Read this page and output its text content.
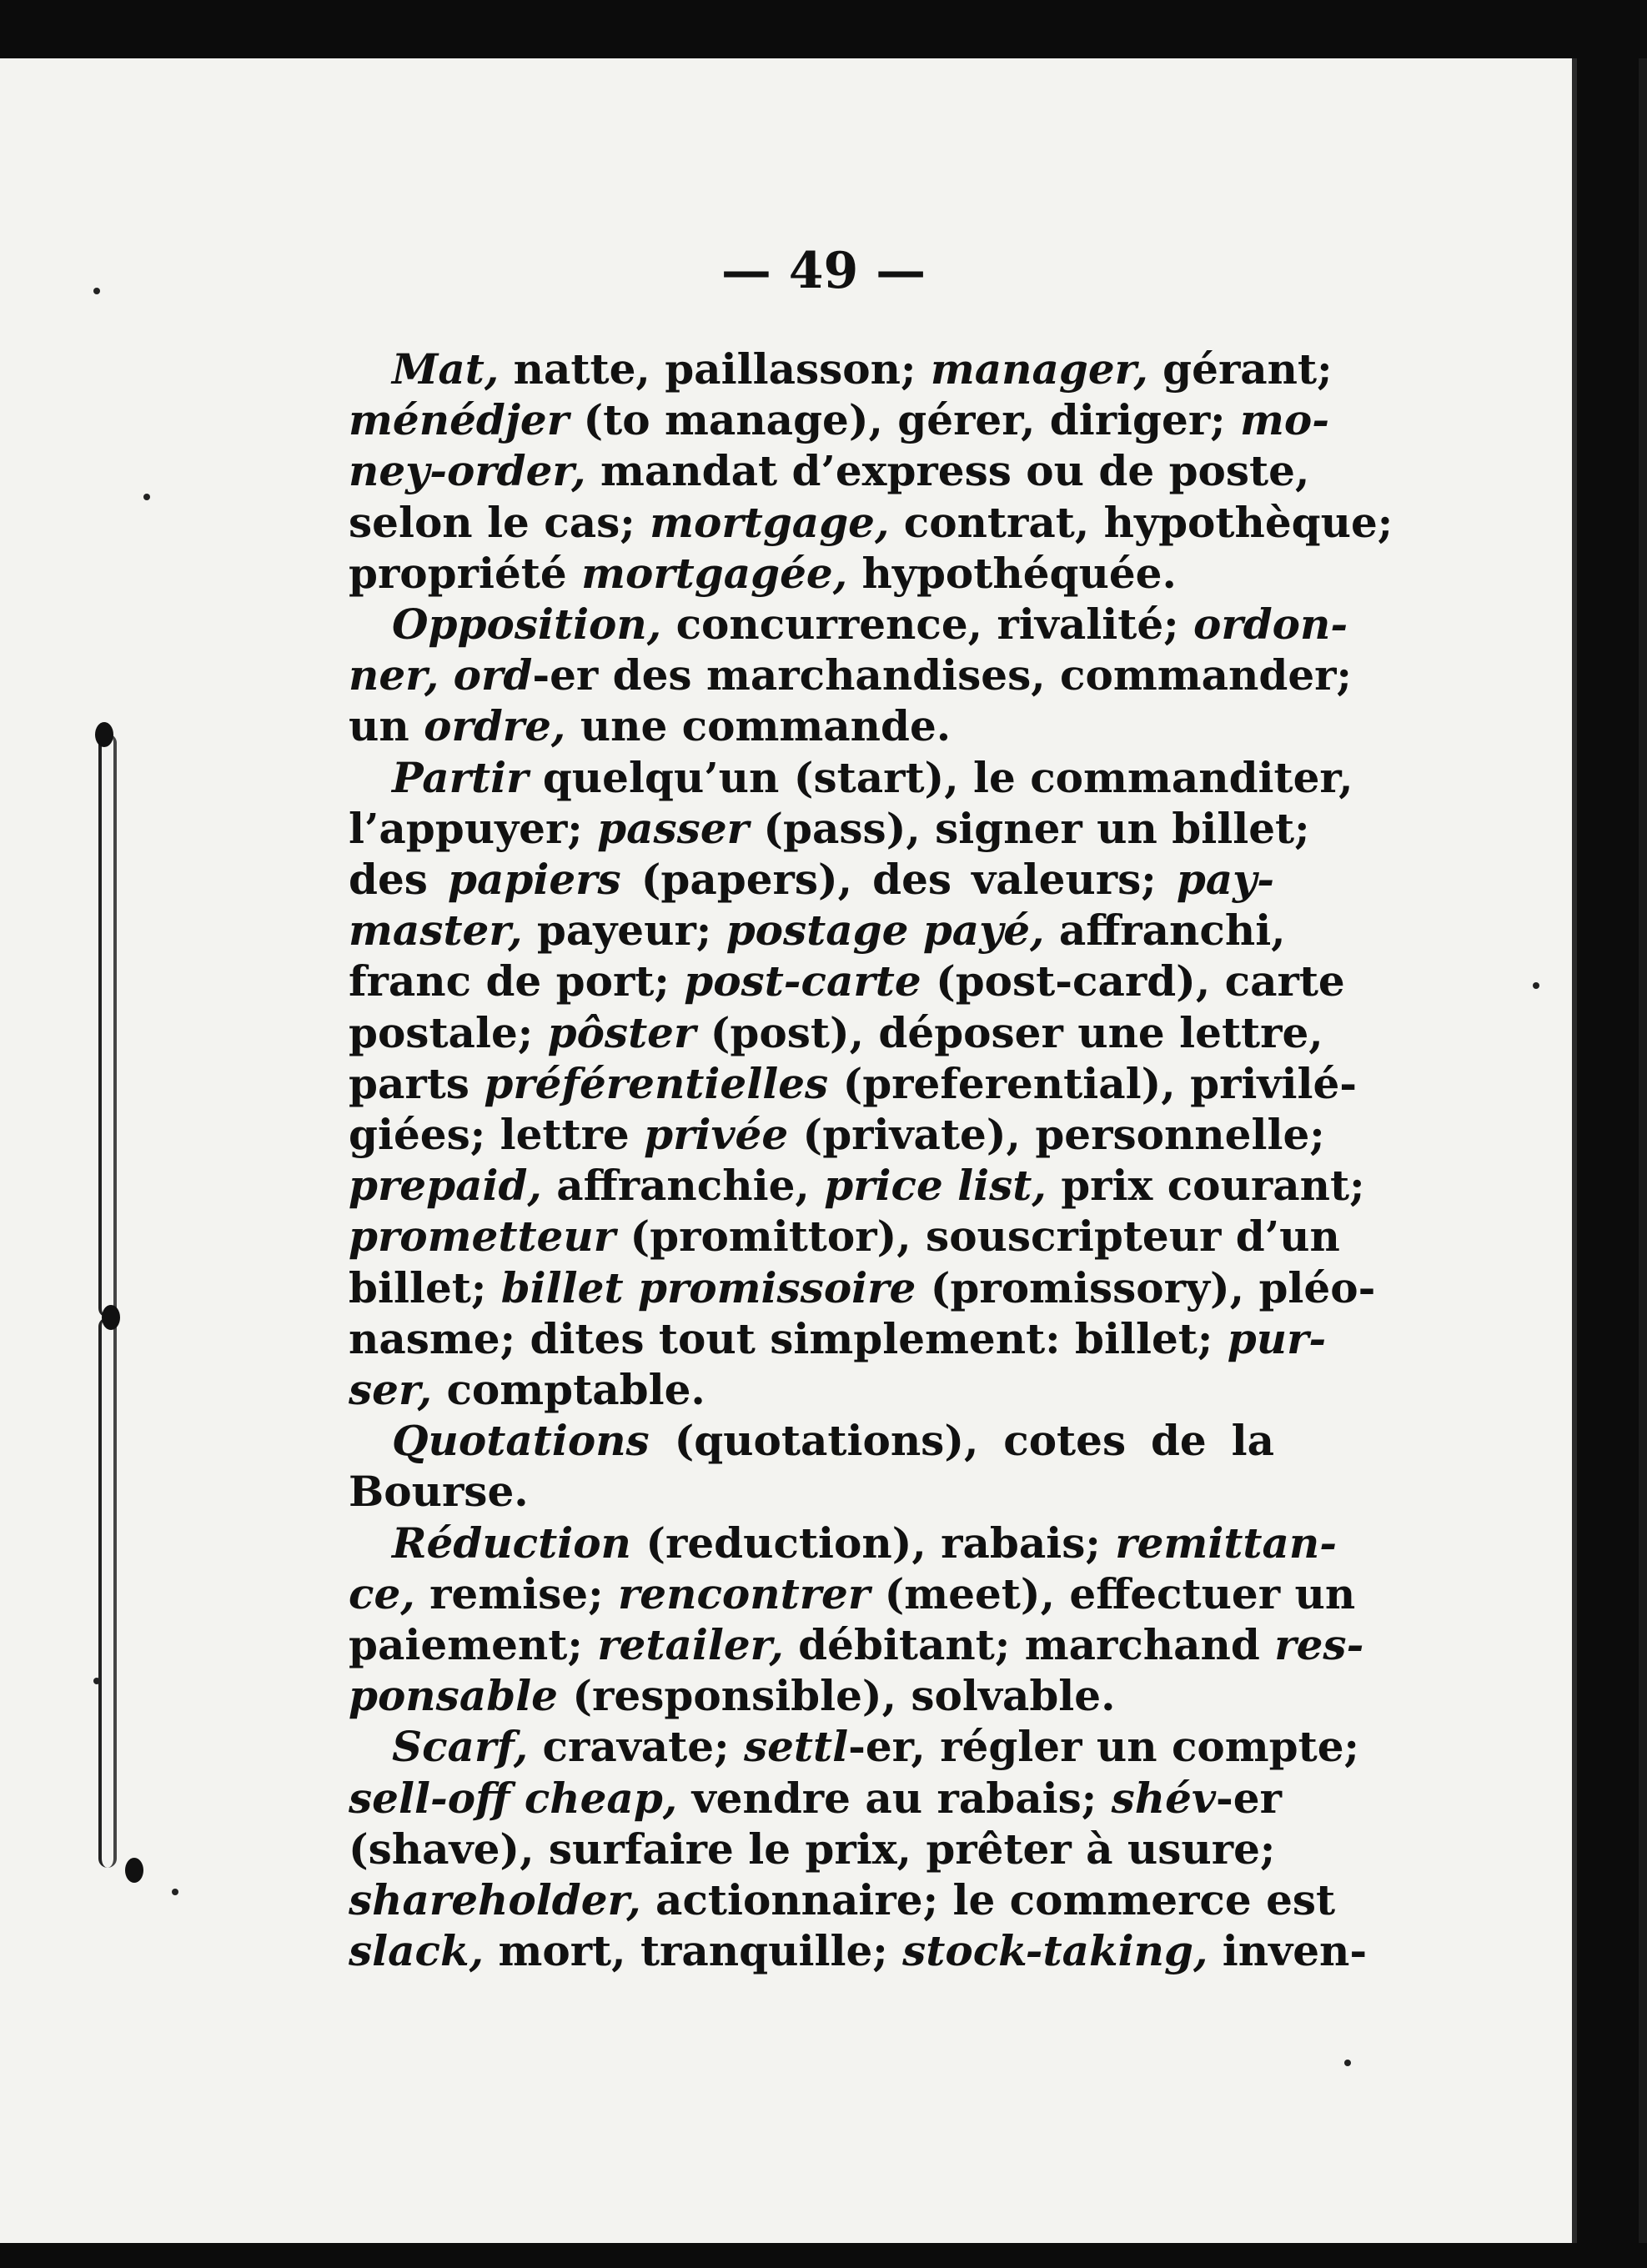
— 49 —
Mat, natte, paillasson; manager, gérant;
ménédjer (to manage), gérer, diriger; mo-
ney-order, mandat d’express ou de poste,
selon le cas; mortgage, contrat, hypothèque;
propriété mortgagée, hypothéquée.
Opposition, concurrence, rivalité; ordon-
ner, ord-er des marchandises, commander;
un ordre, une commande.
Partir quelqu’un (start), le commanditer,
l’appuyer; passer (pass), signer un billet;
des papiers (papers), des valeurs; pay-
master, payeur; postage payé, affranchi,
franc de port; post-carte (post-card), carte
postale; pôster (post), déposer une lettre,
parts préférentielles (preferential), privilé-
giées; lettre privée (private), personnelle;
prepaid, affranchie, price list, prix courant;
prometteur (promittor), souscripteur d’un
billet; billet promissoire (promissory), pléo-
nasme; dites tout simplement: billet; pur-
ser, comptable.
Quotations (quotations), cotes de la
Bourse.
Réduction (reduction), rabais; remittan-
ce, remise; rencontrer (meet), effectuer un
paiement; retailer, débitant; marchand res-
ponsable (responsible), solvable.
Scarf, cravate; settl-er, régler un compte;
sell-off cheap, vendre au rabais; shév-er
(shave), surfaire le prix, prêter à usure;
shareholder, actionnaire; le commerce est
slack, mort, tranquille; stock-taking, inven-
